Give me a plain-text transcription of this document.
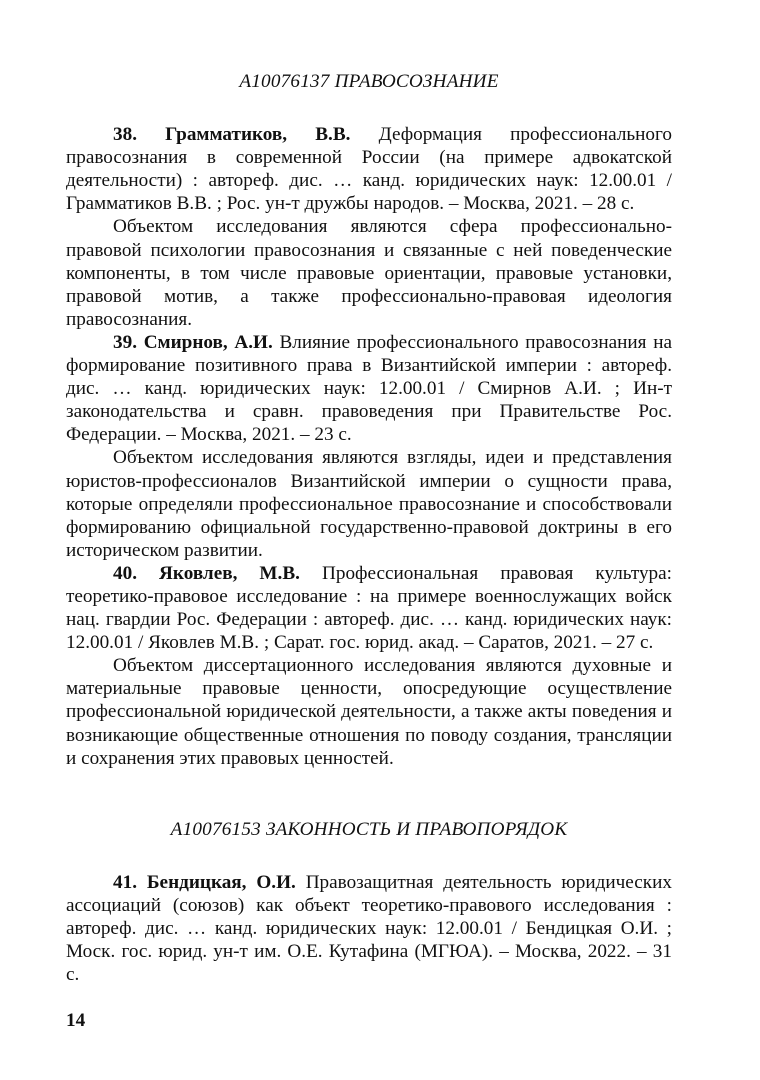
А10076137 ПРАВОСОЗНАНИЕ

38. Грамматиков, В.В. Деформация профессионального правосознания в современной России (на примере адвокатской деятельности) : автореф. дис. … канд. юридических наук: 12.00.01 / Грамматиков В.В. ; Рос. ун-т дружбы народов. – Москва, 2021. – 28 с.

Объектом исследования являются сфера профессионально-правовой психологии правосознания и связанные с ней поведенческие компоненты, в том числе правовые ориентации, правовые установки, правовой мотив, а также профессионально-правовая идеология правосознания.

39. Смирнов, А.И. Влияние профессионального правосознания на формирование позитивного права в Византийской империи : автореф. дис. … канд. юридических наук: 12.00.01 / Смирнов А.И. ; Ин-т законодательства и сравн. правоведения при Правительстве Рос. Федерации. – Москва, 2021. – 23 с.

Объектом исследования являются взгляды, идеи и представления юристов-профессионалов Византийской империи о сущности права, которые определяли профессиональное правосознание и способствовали формированию официальной государственно-правовой доктрины в его историческом развитии.

40. Яковлев, М.В. Профессиональная правовая культура: теоретико-правовое исследование : на примере военнослужащих войск нац. гвардии Рос. Федерации : автореф. дис. … канд. юридических наук: 12.00.01 / Яковлев М.В. ; Сарат. гос. юрид. акад. – Саратов, 2021. – 27 с.

Объектом диссертационного исследования являются духовные и материальные правовые ценности, опосредующие осуществление профессиональной юридической деятельности, а также акты поведения и возникающие общественные отношения по поводу создания, трансляции и сохранения этих правовых ценностей.

А10076153 ЗАКОННОСТЬ И ПРАВОПОРЯДОК

41. Бендицкая, О.И. Правозащитная деятельность юридических ассоциаций (союзов) как объект теоретико-правового исследования : автореф. дис. … канд. юридических наук: 12.00.01 / Бендицкая О.И. ; Моск. гос. юрид. ун-т им. О.Е. Кутафина (МГЮА). – Москва, 2022. – 31 с.

14
